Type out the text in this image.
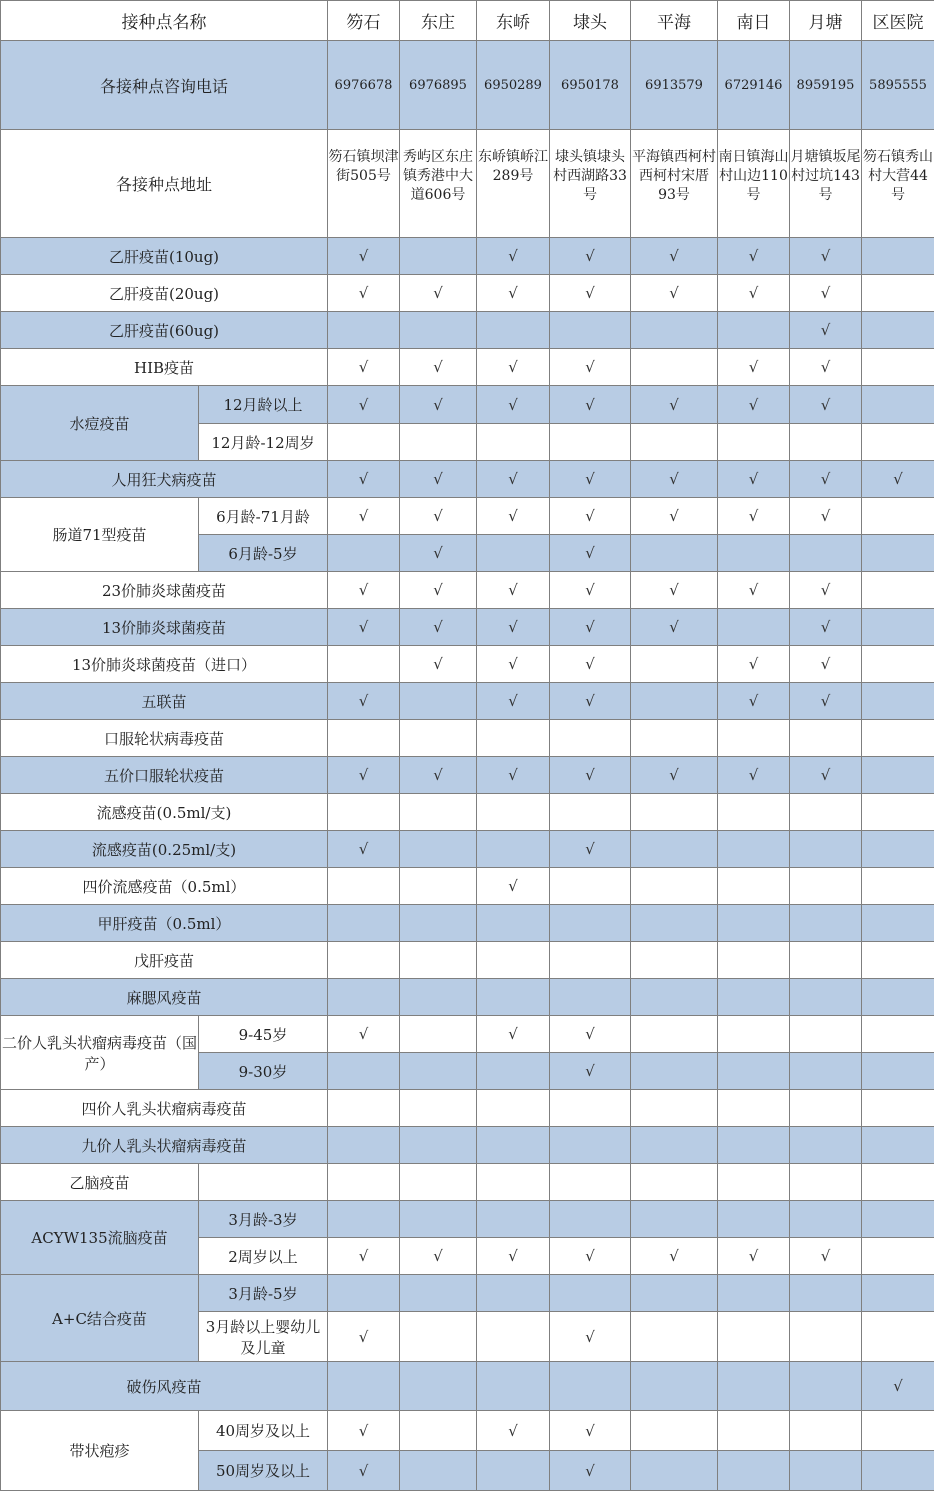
接种点名称		笏石	东庄	东峤	埭头	平海	南日	月塘	区医院
各接种点咨询电话		6976678	6976895	6950289	6950178	6913579	6729146	8959195	5895555
各接种点地址		笏石镇坝津街505号	秀屿区东庄镇秀港中大道606号	东峤镇峤江289号	埭头镇埭头村西湖路33号	平海镇西柯村西柯村宋厝93号	南日镇海山村山边110号	月塘镇坂尾村过坑143号	笏石镇秀山村大营44号
乙肝疫苗(10ug)		√		√	√	√	√	√	
乙肝疫苗(20ug)		√	√	√	√	√	√	√	
乙肝疫苗(60ug)								√	
HIB疫苗		√	√	√	√		√	√	
水痘疫苗	12月龄以上	√	√	√	√	√	√	√	
	12月龄-12周岁								
人用狂犬病疫苗		√	√	√	√	√	√	√	√
肠道71型疫苗	6月龄-71月龄	√	√	√	√	√	√	√	
	6月龄-5岁		√		√				
23价肺炎球菌疫苗		√	√	√	√	√	√	√	
13价肺炎球菌疫苗		√	√	√	√	√		√	
13价肺炎球菌疫苗（进口）			√	√	√		√	√	
五联苗		√		√	√		√	√	
口服轮状病毒疫苗									
五价口服轮状疫苗		√	√	√	√	√	√	√	
流感疫苗(0.5ml/支)									
流感疫苗(0.25ml/支)		√			√				
四价流感疫苗（0.5ml）				√					
甲肝疫苗（0.5ml）									
戊肝疫苗									
麻腮风疫苗									
二价人乳头状瘤病毒疫苗（国产）	9-45岁	√		√	√				
	9-30岁				√				
四价人乳头状瘤病毒疫苗									
九价人乳头状瘤病毒疫苗									
乙脑疫苗									
ACYW135流脑疫苗	3月龄-3岁								
	2周岁以上	√	√	√	√	√	√	√	
A+C结合疫苗	3月龄-5岁								
	3月龄以上婴幼儿及儿童	√			√				
破伤风疫苗									√
带状疱疹	40周岁及以上	√		√	√				
	50周岁及以上	√			√				
